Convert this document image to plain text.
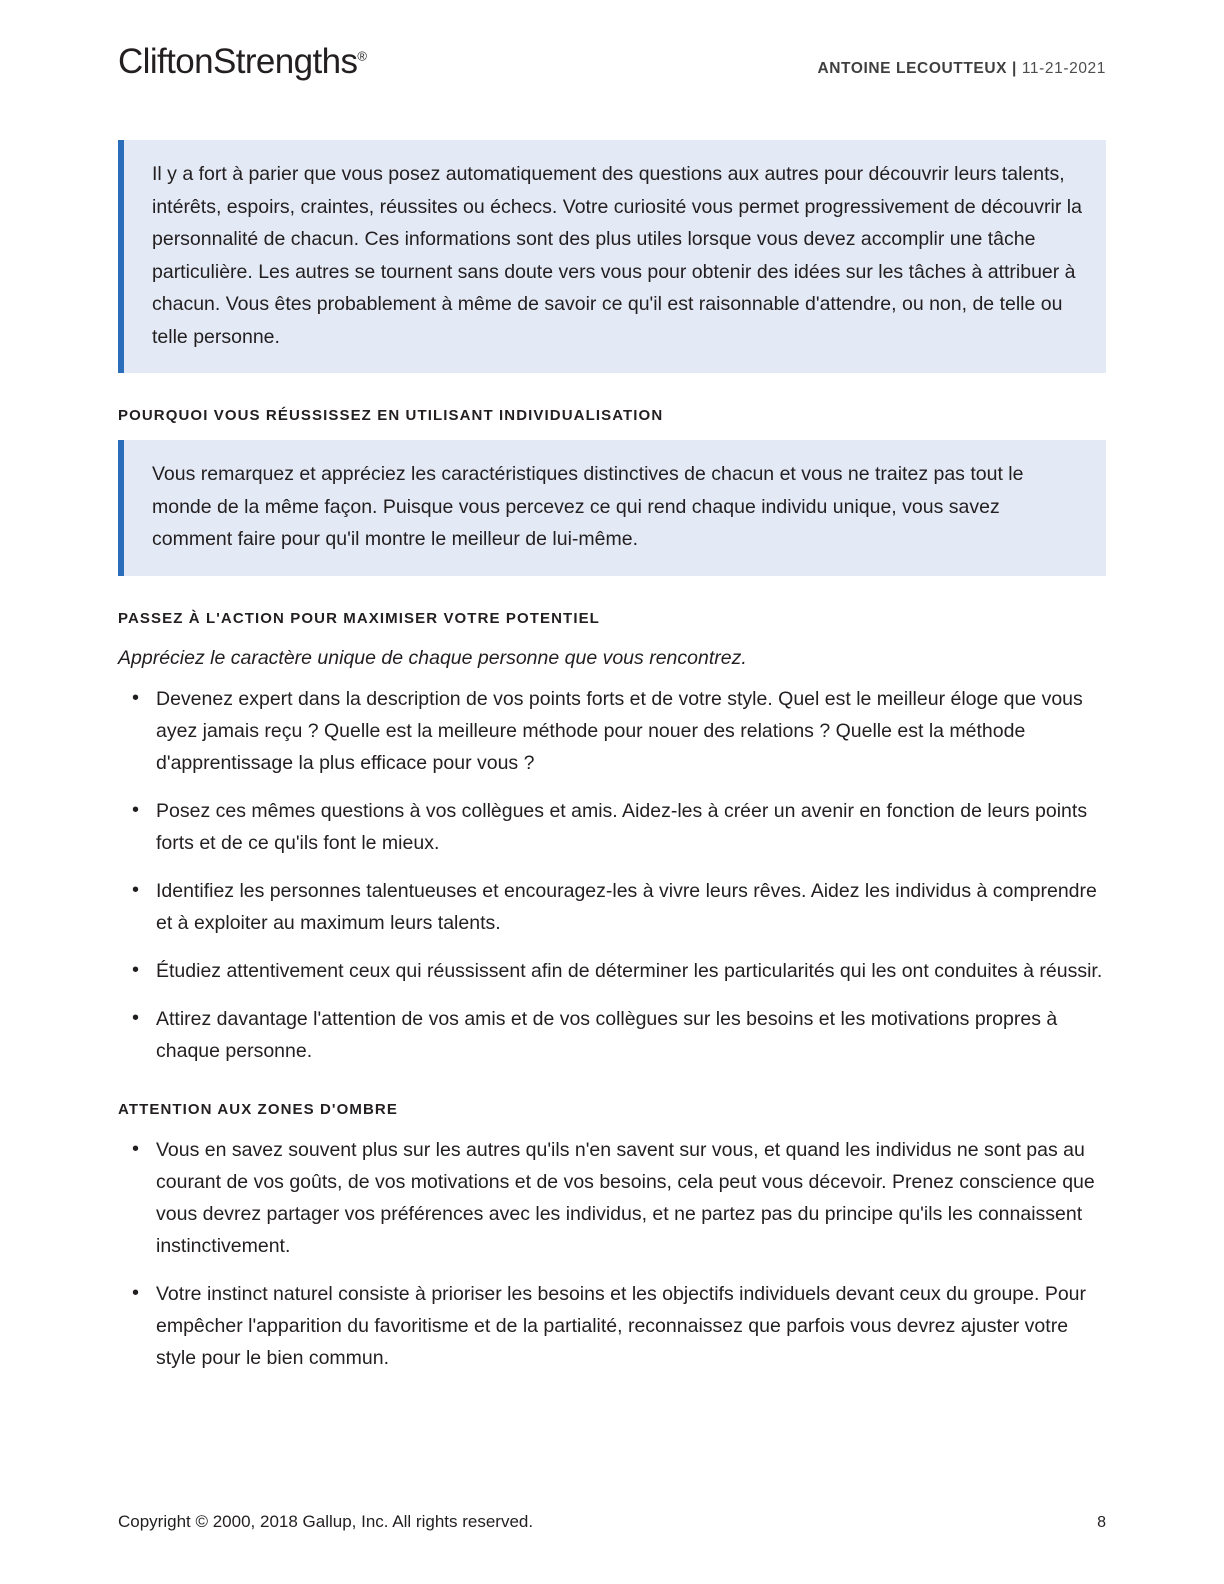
CliftonStrengths®
ANTOINE LECOUTTEUX | 11-21-2021

Il y a fort à parier que vous posez automatiquement des questions aux autres pour découvrir leurs talents, intérêts, espoirs, craintes, réussites ou échecs. Votre curiosité vous permet progressivement de découvrir la personnalité de chacun. Ces informations sont des plus utiles lorsque vous devez accomplir une tâche particulière. Les autres se tournent sans doute vers vous pour obtenir des idées sur les tâches à attribuer à chacun. Vous êtes probablement à même de savoir ce qu'il est raisonnable d'attendre, ou non, de telle ou telle personne.

POURQUOI VOUS RÉUSSISSEZ EN UTILISANT INDIVIDUALISATION

Vous remarquez et appréciez les caractéristiques distinctives de chacun et vous ne traitez pas tout le monde de la même façon. Puisque vous percevez ce qui rend chaque individu unique, vous savez comment faire pour qu'il montre le meilleur de lui-même.

PASSEZ À L'ACTION POUR MAXIMISER VOTRE POTENTIEL

Appréciez le caractère unique de chaque personne que vous rencontrez.

• Devenez expert dans la description de vos points forts et de votre style. Quel est le meilleur éloge que vous ayez jamais reçu ? Quelle est la meilleure méthode pour nouer des relations ? Quelle est la méthode d'apprentissage la plus efficace pour vous ?
• Posez ces mêmes questions à vos collègues et amis. Aidez-les à créer un avenir en fonction de leurs points forts et de ce qu'ils font le mieux.
• Identifiez les personnes talentueuses et encouragez-les à vivre leurs rêves. Aidez les individus à comprendre et à exploiter au maximum leurs talents.
• Étudiez attentivement ceux qui réussissent afin de déterminer les particularités qui les ont conduites à réussir.
• Attirez davantage l'attention de vos amis et de vos collègues sur les besoins et les motivations propres à chaque personne.
ATTENTION AUX ZONES D'OMBRE
• Vous en savez souvent plus sur les autres qu'ils n'en savent sur vous, et quand les individus ne sont pas au courant de vos goûts, de vos motivations et de vos besoins, cela peut vous décevoir. Prenez conscience que vous devrez partager vos préférences avec les individus, et ne partez pas du principe qu'ils les connaissent instinctivement.
• Votre instinct naturel consiste à prioriser les besoins et les objectifs individuels devant ceux du groupe. Pour empêcher l'apparition du favoritisme et de la partialité, reconnaissez que parfois vous devrez ajuster votre style pour le bien commun.
Copyright © 2000, 2018 Gallup, Inc. All rights reserved.	8
